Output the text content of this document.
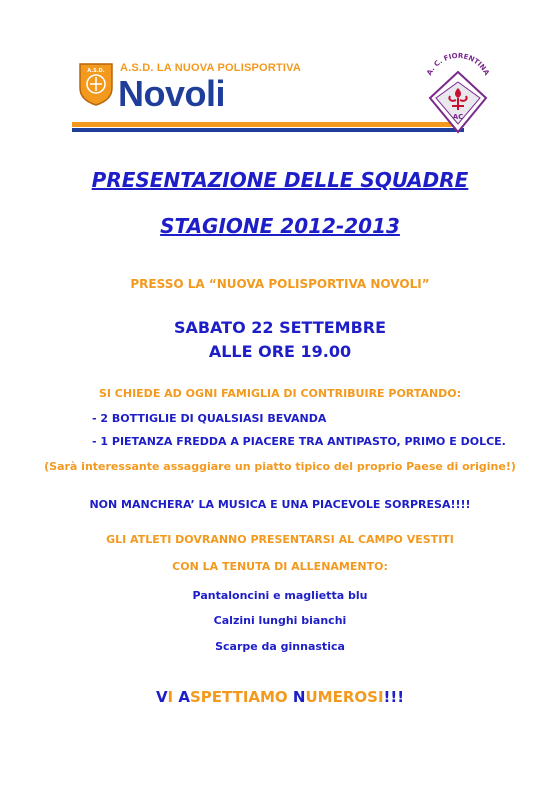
A.S.D. A.S.D. LA NUOVA POLISPORTIVA
Novoli
A. C. FIORENTINA
AC
PRESENTAZIONE DELLE SQUADRE
STAGIONE 2012-2013
PRESSO LA “NUOVA POLISPORTIVA NOVOLI”
SABATO 22 SETTEMBRE
ALLE ORE 19.00
SI CHIEDE AD OGNI FAMIGLIA DI CONTRIBUIRE PORTANDO:
- 2 BOTTIGLIE DI QUALSIASI BEVANDA
- 1 PIETANZA FREDDA A PIACERE TRA ANTIPASTO, PRIMO E DOLCE.
(Sarà interessante assaggiare un piatto tipico del proprio Paese di origine!)
NON MANCHERA’ LA MUSICA E UNA PIACEVOLE SORPRESA!!!!
GLI ATLETI DOVRANNO PRESENTARSI AL CAMPO VESTITI
CON LA TENUTA DI ALLENAMENTO:
Pantaloncini e maglietta blu
Calzini lunghi bianchi
Scarpe da ginnastica
VI ASPETTIAMO NUMEROSI!!!
